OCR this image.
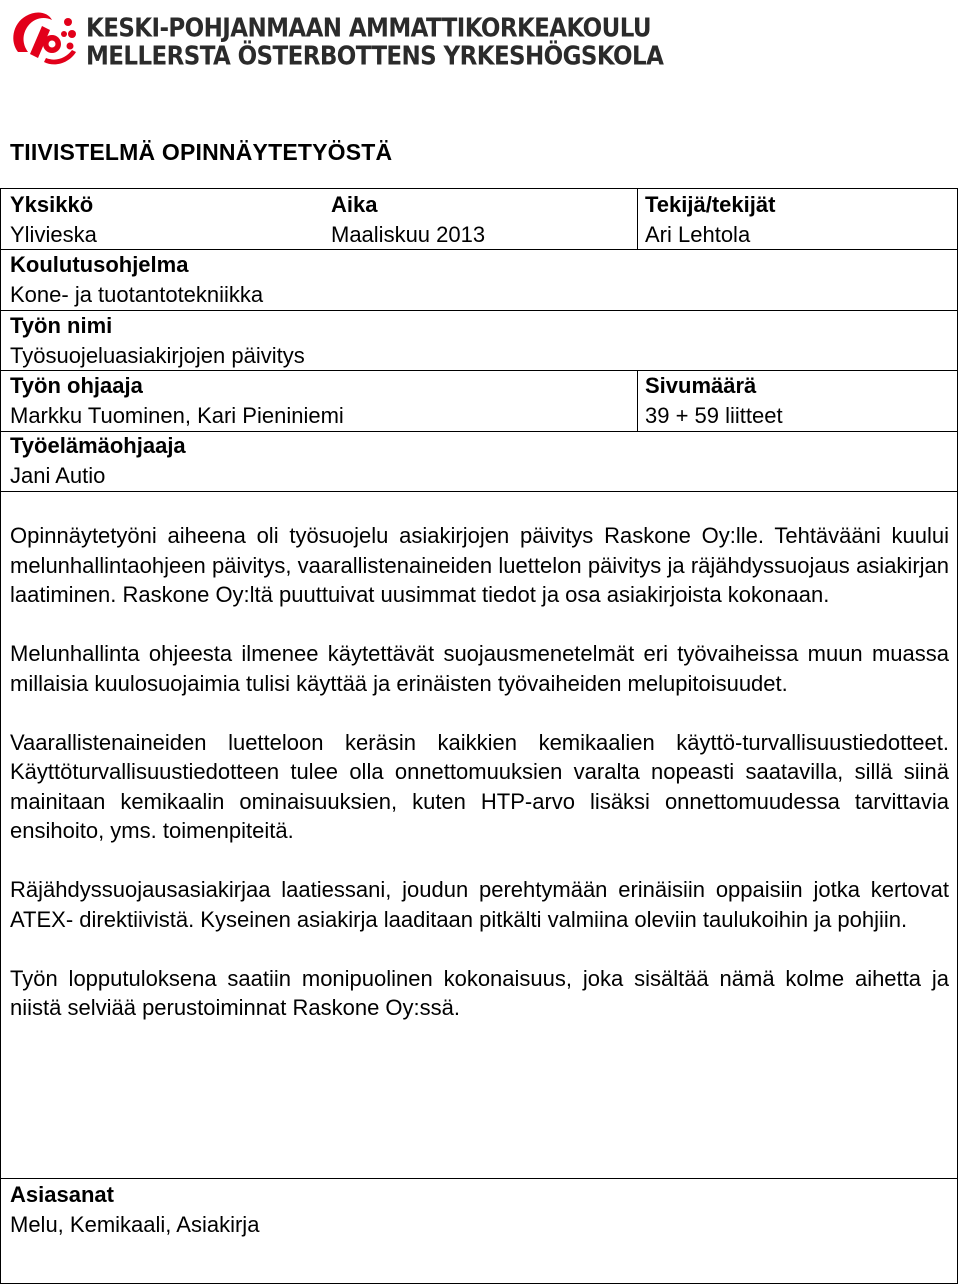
KESKI-POHJANMAAN AMMATTIKORKEAKOULU
MELLERSTA ÖSTERBOTTENS YRKESHÖGSKOLA
TIIVISTELMÄ OPINNÄYTETYÖSTÄ
Yksikkö
Ylivieska
Aika
Maaliskuu 2013
Tekijä/tekijät
Ari Lehtola
Koulutusohjelma
Kone- ja tuotantotekniikka
Työn nimi
Työsuojeluasiakirjojen päivitys
Työn ohjaaja
Markku Tuominen, Kari Pieniniemi
Sivumäärä
39 + 59 liitteet
Työelämäohjaaja
Jani Autio

Opinnäytetyöni aiheena oli työsuojelu asiakirjojen päivitys Raskone Oy:lle. Tehtävääni kuului melunhallintaohjeen päivitys, vaarallistenaineiden luettelon päivitys ja räjähdyssuojaus asiakirjan laatiminen. Raskone Oy:ltä puuttuivat uusimmat tiedot ja osa asiakirjoista kokonaan.

Melunhallinta ohjeesta ilmenee käytettävät suojausmenetelmät eri työvaiheissa muun muassa millaisia kuulosuojaimia tulisi käyttää ja erinäisten työvaiheiden melupitoisuudet.

Vaarallistenaineiden luetteloon keräsin kaikkien kemikaalien käyttö-turvallisuustiedotteet. Käyttöturvallisuustiedotteen tulee olla onnettomuuksien varalta nopeasti saatavilla, sillä siinä mainitaan kemikaalin ominaisuuksien, kuten HTP-arvo lisäksi onnettomuudessa tarvittavia ensihoito, yms. toimenpiteitä.

Räjähdyssuojausasiakirjaa laatiessani, joudun perehtymään erinäisiin oppaisiin jotka kertovat ATEX- direktiivistä. Kyseinen asiakirja laaditaan pitkälti valmiina oleviin taulukoihin ja pohjiin.

Työn lopputuloksena saatiin monipuolinen kokonaisuus, joka sisältää nämä kolme aihetta ja niistä selviää perustoiminnat Raskone Oy:ssä.

Asiasanat
Melu, Kemikaali, Asiakirja
